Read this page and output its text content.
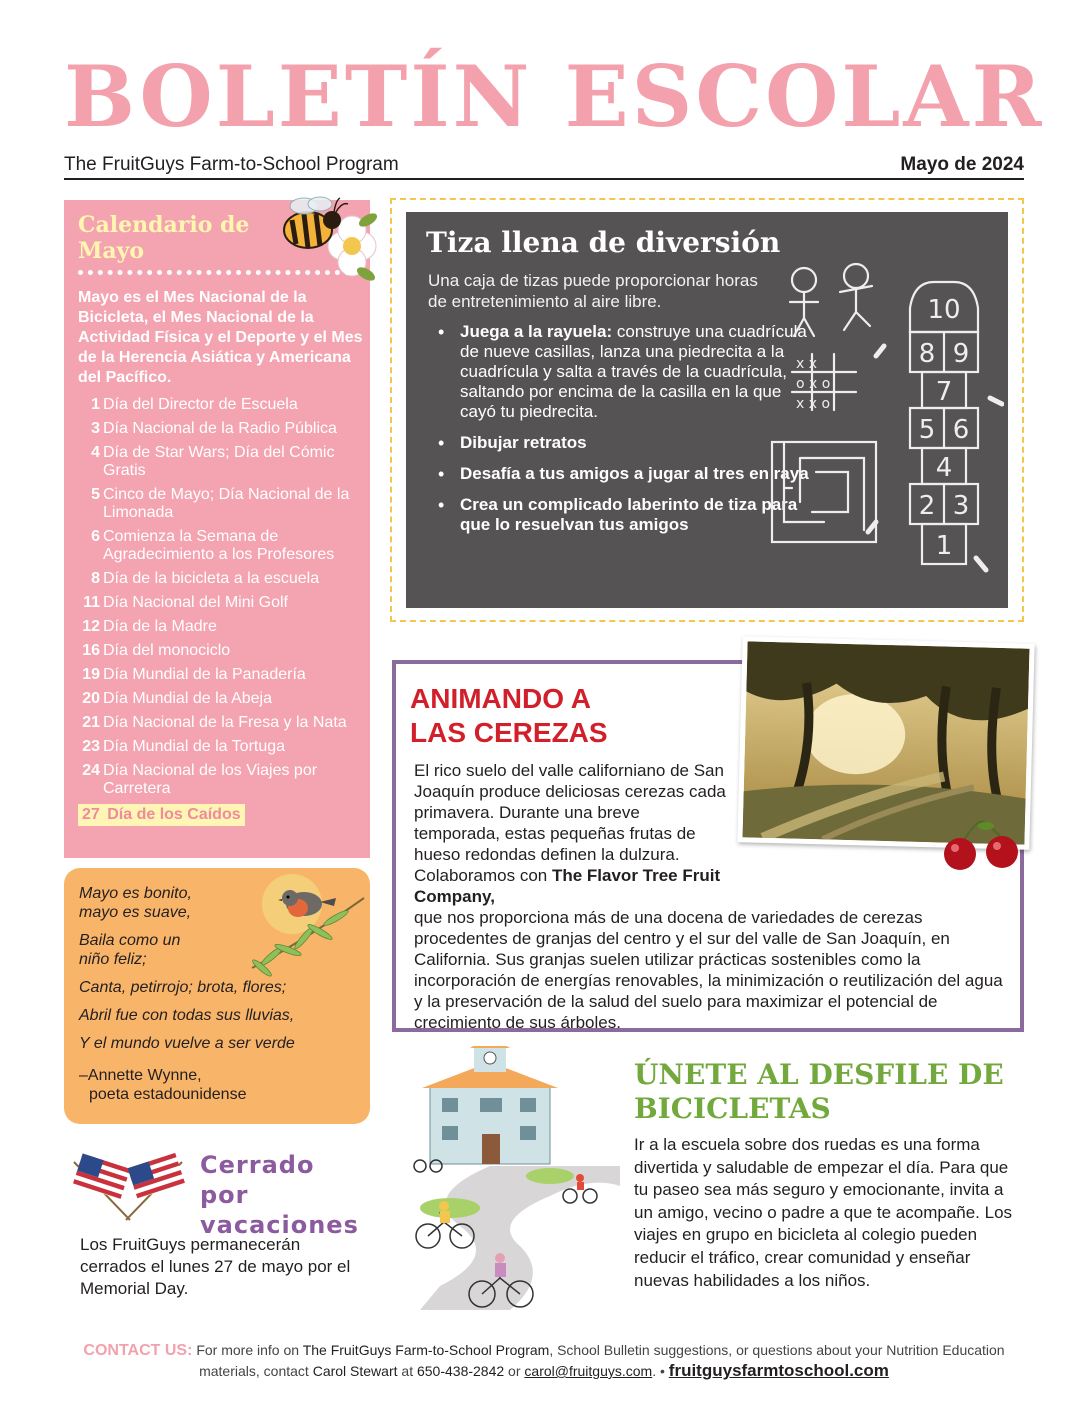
BOLETÍN ESCOLAR
The FruitGuys Farm-to-School Program	Mayo de 2024
Calendario de Mayo
Mayo es el Mes Nacional de la Bicicleta, el Mes Nacional de la Actividad Física y el Deporte y el Mes de la Herencia Asiática y Americana del Pacífico.
1 Día del Director de Escuela
3 Día Nacional de la Radio Pública
4 Día de Star Wars; Día del Cómic Gratis
5 Cinco de Mayo; Día Nacional de la Limonada
6 Comienza la Semana de Agradecimiento a los Profesores
8 Día de la bicicleta a la escuela
11 Día Nacional del Mini Golf
12 Día de la Madre
16 Día del monociclo
19 Día Mundial de la Panadería
20 Día Mundial de la Abeja
21 Día Nacional de la Fresa y la Nata
23 Día Mundial de la Tortuga
24 Día Nacional de los Viajes por Carretera
27
Día de los Caídos
Mayo es bonito,
mayo es suave,
Baila como un
niño feliz;
Canta, petirrojo; brota, flores;
Abril fue con todas sus lluvias,
Y el mundo vuelve a ser verde
–Annette Wynne,
poeta estadounidense
Cerrado por
vacaciones
Los FruitGuys permanecerán cerrados el lunes 27 de mayo por el Memorial Day.
Tiza llena de diversión
Una caja de tizas puede proporcionar horas de entretenimiento al aire libre.
• Juega a la rayuela: construye una cuadrícula de nueve casillas, lanza una piedrecita a la cuadrícula y salta a través de la cuadrícula, saltando por encima de la casilla en la que cayó tu piedrecita.
• Dibujar retratos
• Desafía a tus amigos a jugar al tres en raya
• Crea un complicado laberinto de tiza para que lo resuelvan tus amigos
x x
o x o
x x o
10
8 9
7
5 6
4
2 3
1
ANIMANDO A
LAS CEREZAS
El rico suelo del valle californiano de San Joaquín produce deliciosas cerezas cada primavera. Durante una breve temporada, estas pequeñas frutas de hueso redondas definen la dulzura. Colaboramos con The Flavor Tree Fruit Company,
que nos proporciona más de una docena de variedades de cerezas procedentes de granjas del centro y el sur del valle de San Joaquín, en California. Sus granjas suelen utilizar prácticas sostenibles como la incorporación de energías renovables, la minimización o reutilización del agua y la preservación de la salud del suelo para maximizar el potencial de crecimiento de sus árboles.
ÚNETE AL DESFILE DE
BICICLETAS
Ir a la escuela sobre dos ruedas es una forma divertida y saludable de empezar el día. Para que tu paseo sea más seguro y emocionante, invita a un amigo, vecino o padre a que te acompañe. Los viajes en grupo en bicicleta al colegio pueden reducir el tráfico, crear comunidad y enseñar nuevas habilidades a los niños.
CONTACT US: For more info on The FruitGuys Farm-to-School Program, School Bulletin suggestions, or questions about your Nutrition Education materials, contact Carol Stewart at 650-438-2842 or carol@fruitguys.com. • fruitguysfarmtoschool.com
